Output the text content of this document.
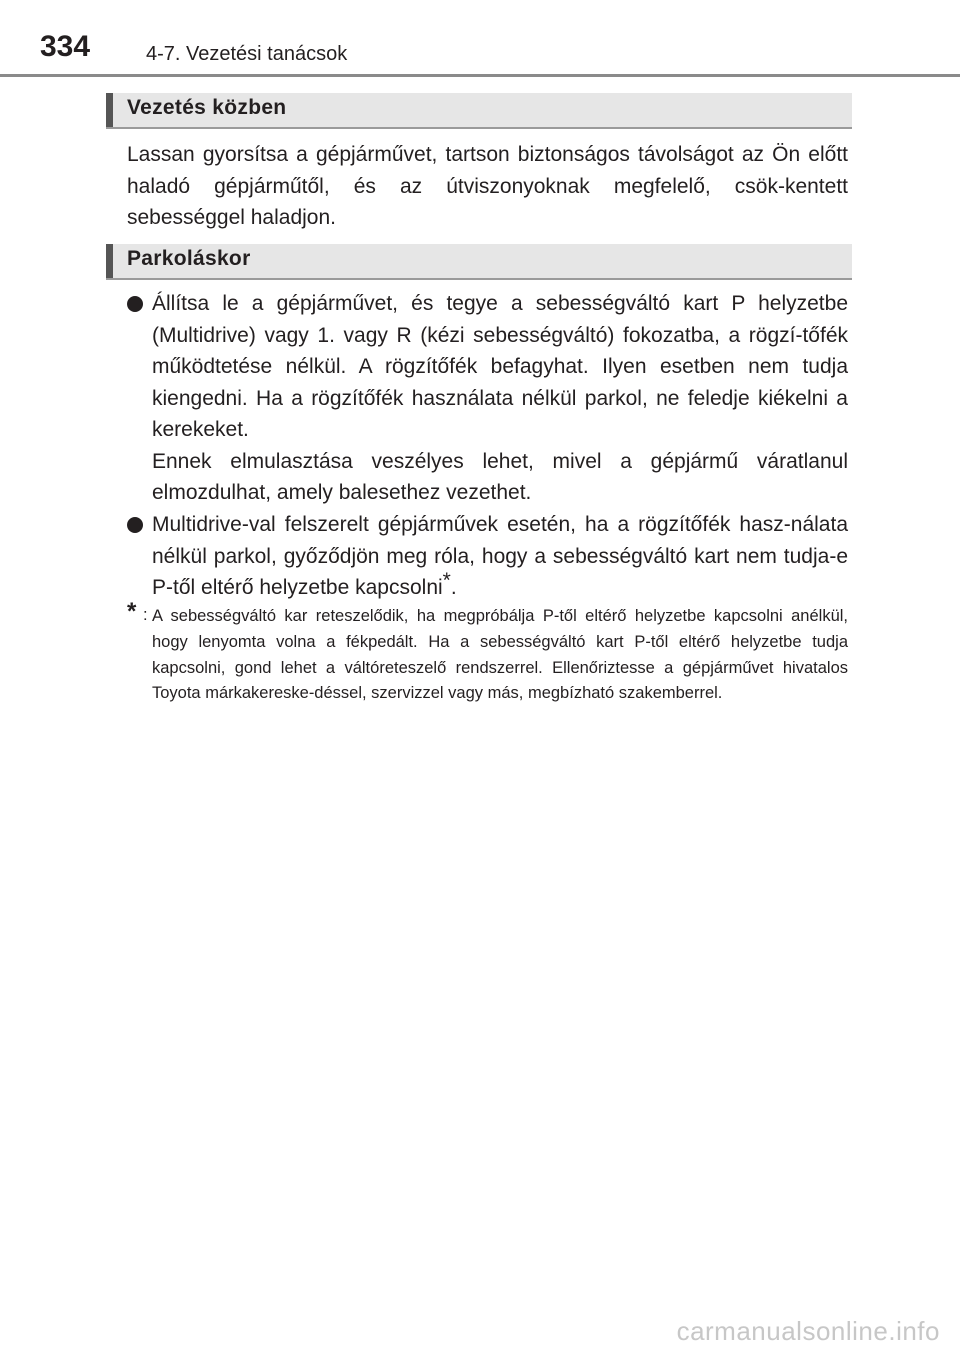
334	4-7. Vezetési tanácsok
Vezetés közben

Lassan gyorsítsa a gépjárművet, tartson biztonságos távolságot az Ön előtt haladó gépjárműtől, és az útviszonyoknak megfelelő, csök-kentett sebességgel haladjon.

Parkoláskor

Állítsa le a gépjárművet, és tegye a sebességváltó kart P helyzetbe (Multidrive) vagy 1. vagy R (kézi sebességváltó) fokozatba, a rögzí-tőfék működtetése nélkül. A rögzítőfék befagyhat. Ilyen esetben nem tudja kiengedni. Ha a rögzítőfék használata nélkül parkol, ne feledje kiékelni a kerekeket.

Ennek elmulasztása veszélyes lehet, mivel a gépjármű váratlanul elmozdulhat, amely balesethez vezethet.

Multidrive-val felszerelt gépjárművek esetén, ha a rögzítőfék hasz-nálata nélkül parkol, győződjön meg róla, hogy a sebességváltó kart nem tudja-e P-től eltérő helyzetbe kapcsolni*.

* : A sebességváltó kar reteszelődik, ha megpróbálja P-től eltérő helyzetbe kapcsolni anélkül, hogy lenyomta volna a fékpedált. Ha a sebességváltó kart P-től eltérő helyzetbe tudja kapcsolni, gond lehet a váltóreteszelő rendszerrel. Ellenőriztesse a gépjárművet hivatalos Toyota márkakereske-déssel, szervizzel vagy más, megbízható szakemberrel.

carmanualsonline.info
